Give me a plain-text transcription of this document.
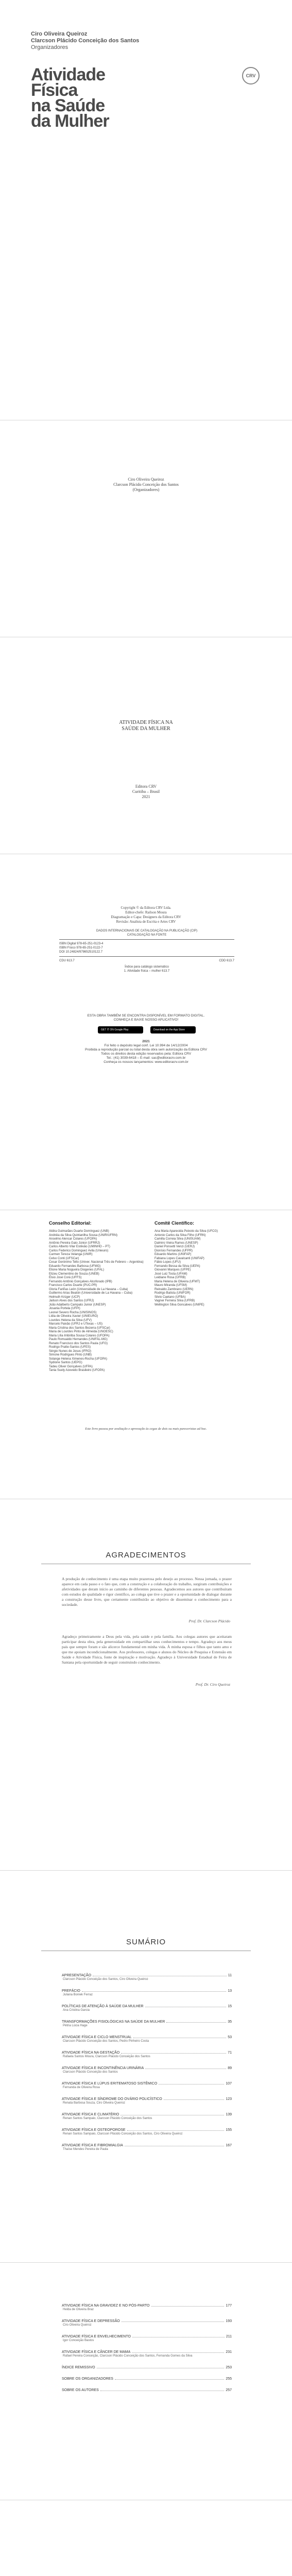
Ciro Oliveira Queiroz
Clarcson Plácido Conceição dos Santos
Organizadores
Atividade
Física
na Saúde
da Mulher
CRV
Ciro Oliveira Queiroz
Clarcson Plácido Conceição dos Santos
(Organizadores)
ATIVIDADE FÍSICA NA
SAÚDE DA MULHER
Editora CRV
Curitiba – Brasil
2021
Copyright © da Editora CRV Ltda.
Editor-chefe: Railson Moura
Diagramação e Capa: Designers da Editora CRV
Revisão: Analista de Escrita e Artes CRV
DADOS INTERNACIONAIS DE CATALOGAÇÃO NA PUBLICAÇÃO (CIP)
CATALOGAÇÃO NA FONTE
ISBN Digital 978-65-251-0123-4
ISBN Físico 978-65-251-0122-7
DOI 10.24824/978652510122.7
CDU 613.7	CDD 613.7
Índice para catálogo sistemático
1. Atividade física – mulher 613.7
ESTA OBRA TAMBÉM SE ENCONTRA DISPONÍVEL EM FORMATO DIGITAL.
CONHEÇA E BAIXE NOSSO APLICATIVO!
GET IT ON Google Play	Download on the App Store
2021
Foi feito o depósito legal conf. Lei 10.994 de 14/12/2004
Proibida a reprodução parcial ou total desta obra sem autorização da Editora CRV
Todos os direitos desta edição reservados pela: Editora CRV
Tel.: (41) 3039-6418 – E-mail: sac@editoracrv.com.br
Conheça os nossos lançamentos: www.editoracrv.com.br
Conselho Editorial:	Comitê Científico:
Aldira Guimarães Duarte Domínguez (UNB)
Andréia da Silva Quintanilha Sousa (UNIR/UFRN)
Anselmo Alencar Colares (UFOPA)
Antônio Pereira Gaio Júnior (UFRRJ)
Carlos Alberto Vilar Estêvão (UMINHO – PT)
Carlos Federico Dominguez Avila (Unieuro)
Carmen Tereza Velanga (UNIR)
Celso Conti (UFSCar)
Cesar Gerónimo Tello (Univer. Nacional Três de Febrero – Argentina)
Eduardo Fernandes Barbosa (UFMG)
Elione Maria Nogueira Diogenes (UFAL)
Elizeu Clementino de Souza (UNEB)
Élsio José Corá (UFFS)
Fernando Antônio Gonçalves Alcoforado (IPB)
Francisco Carlos Duarte (PUC-PR)
Gloria Fariñas León (Universidade de La Havana – Cuba)
Guillermo Arias Beatón (Universidade de La Havana – Cuba)
Helmuth Krüger (UCP)
Jailson Alves dos Santos (UFRJ)
João Adalberto Campato Junior (UNESP)
Josania Portela (UFPI)
Leonel Severo Rocha (UNISINOS)
Lídia de Oliveira Xavier (UNIEURO)
Lourdes Helena da Silva (UFV)
Marcelo Paixão (UFRJ e UTexas – US)
Maria Cristina dos Santos Bezerra (UFSCar)
Maria de Lourdes Pinto de Almeida (UNOESC)
Maria Lília Imbiriba Sousa Colares (UFOPA)
Paulo Romualdo Hernandes (UNIFAL-MG)
Renato Francisco dos Santos Paula (UFG)
Rodrigo Pratte-Santos (UFES)
Sérgio Nunes de Jesus (IFRO)
Simone Rodrigues Pinto (UNB)
Solange Helena Ximenes-Rocha (UFOPA)
Sydione Santos (UEPG)
Tadeu Oliver Gonçalves (UFPA)
Tania Suely Azevedo Brasileiro (UFOPA)
Ana Maria Aparecida Peixoto da Silva (UFCG)
Antonio Carlos da Silva Filho (UFRN)
Camilla Correia Silva (UNISUAM)
Dalmiro Vieira Ramos (UNESP)
Daniel Ponsetti Venzi (UERJ)
Dionísio Fernandes (UFPR)
Eduardo Martins (UNIFAP)
Fabiana Lopes Cavalcanti (UNIFAP)
Fábio Lopes (UFU)
Fernando Bessa da Silva (UEPA)
Giovanni Marques (UFPE)
José Luiz Tosta (UFAM)
Leidiane Rosa (UFRB)
Maria Helena de Oliveira (UFMT)
Mauro Miranda (UFSM)
Reinaldo Zambrano (UERN)
Rodrigo Batista (UNIFOR)
Silvio Caetano (UFBA)
Vagner Ferreira Silva (UFRB)
Wellington Silva Goncalves (UNIPE)
Este livro passou por avaliação e aprovação às cegas de dois ou mais pareceristas ad hoc.
AGRADECIMENTOS
A produção de conhecimento é uma etapa muito prazerosa pelo desejo ao processo. Nessa jornada, o prazer aparece em cada passo e o fato que, com a construção e a colaboração do trabalho, surgiram contribuições e afetividades que deram início ao caminho de diferentes pessoas. Agradecemos aos autores que contribuíram com estudos de qualidade e rigor científico, ao colega que tive o prazer e a oportunidade de dialogar durante a construção desse livro, que certamente contribuirão ao objetivo de disseminar o conhecimento para a sociedade.
Prof. Dr. Clarcson Plácido
Agradeço primeiramente a Deus pela vida, pela saúde e pela família. Aos colegas autores que aceitaram participar desta obra, pela generosidade em compartilhar seus conhecimentos e tempo. Agradeço aos meus pais que sempre foram e são alicerce fundamental em minha vida. À minha esposa e filhos que tanto amo e que me apoiam incondicionalmente. Aos professores, colegas e alunos do Núcleo de Pesquisa e Extensão em Saúde e Atividade Física, fonte de inspiração e motivação. Agradeço à Universidade Estadual de Feira de Santana pela oportunidade de seguir construindo conhecimento.
Prof. Dr. Ciro Queiroz
SUMÁRIO
APRESENTAÇÃO	11
Clarcson Plácido Conceição dos Santos, Ciro Oliveira Queiroz
PREFÁCIO	13
Juliana Boniek Ferraz
POLÍTICAS DE ATENÇÃO À SAÚDE DA MULHER	15
Ana Cristina Garcia
TRANSFORMAÇÕES FISIOLÓGICAS NA SAÚDE DA MULHER	35
Pétria Lúcia Hage
ATIVIDADE FÍSICA E CICLO MENSTRUAL	53
Clarcson Plácido Conceição dos Santos, Pedro Pinheiro Costa
ATIVIDADE FÍSICA NA GESTAÇÃO	71
Rafaela Santos Moura, Clarcson Plácido Conceição dos Santos
ATIVIDADE FÍSICA E INCONTINÊNCIA URINÁRIA	89
Clarcson Plácido Conceição dos Santos
ATIVIDADE FÍSICA E LÚPUS ERITEMATOSO SISTÊMICO	107
Fernanda de Oliveira Rosa
ATIVIDADE FÍSICA E SÍNDROME DO OVÁRIO POLICÍSTICO	123
Renata Barbosa Souza, Ciro Oliveira Queiroz
ATIVIDADE FÍSICA E CLIMATÉRIO	139
Renan Santos Sampaio, Clarcson Plácido Conceição dos Santos
ATIVIDADE FÍSICA E OSTEOPOROSE	155
Renan Santos Sampaio, Clarcson Plácido Conceição dos Santos, Ciro Oliveira Queiroz
ATIVIDADE FÍSICA E FIBROMIALGIA	167
Thaíse Mendes Pereira de Paula
ATIVIDADE FÍSICA NA GRAVIDEZ E NO PÓS-PARTO	177
Helda de Oliveira Braz
ATIVIDADE FÍSICA E DEPRESSÃO	193
Ciro Oliveira Queiroz
ATIVIDADE FÍSICA E ENVELHECIMENTO	211
Igor Conceição Bastos
ATIVIDADE FÍSICA E CÂNCER DE MAMA	231
Rafael Pereira Conceição, Clarcson Plácido Conceição dos Santos, Fernanda Gomes da Silva
ÍNDICE REMISSIVO	253
SOBRE OS ORGANIZADORES	255
SOBRE OS AUTORES	257
